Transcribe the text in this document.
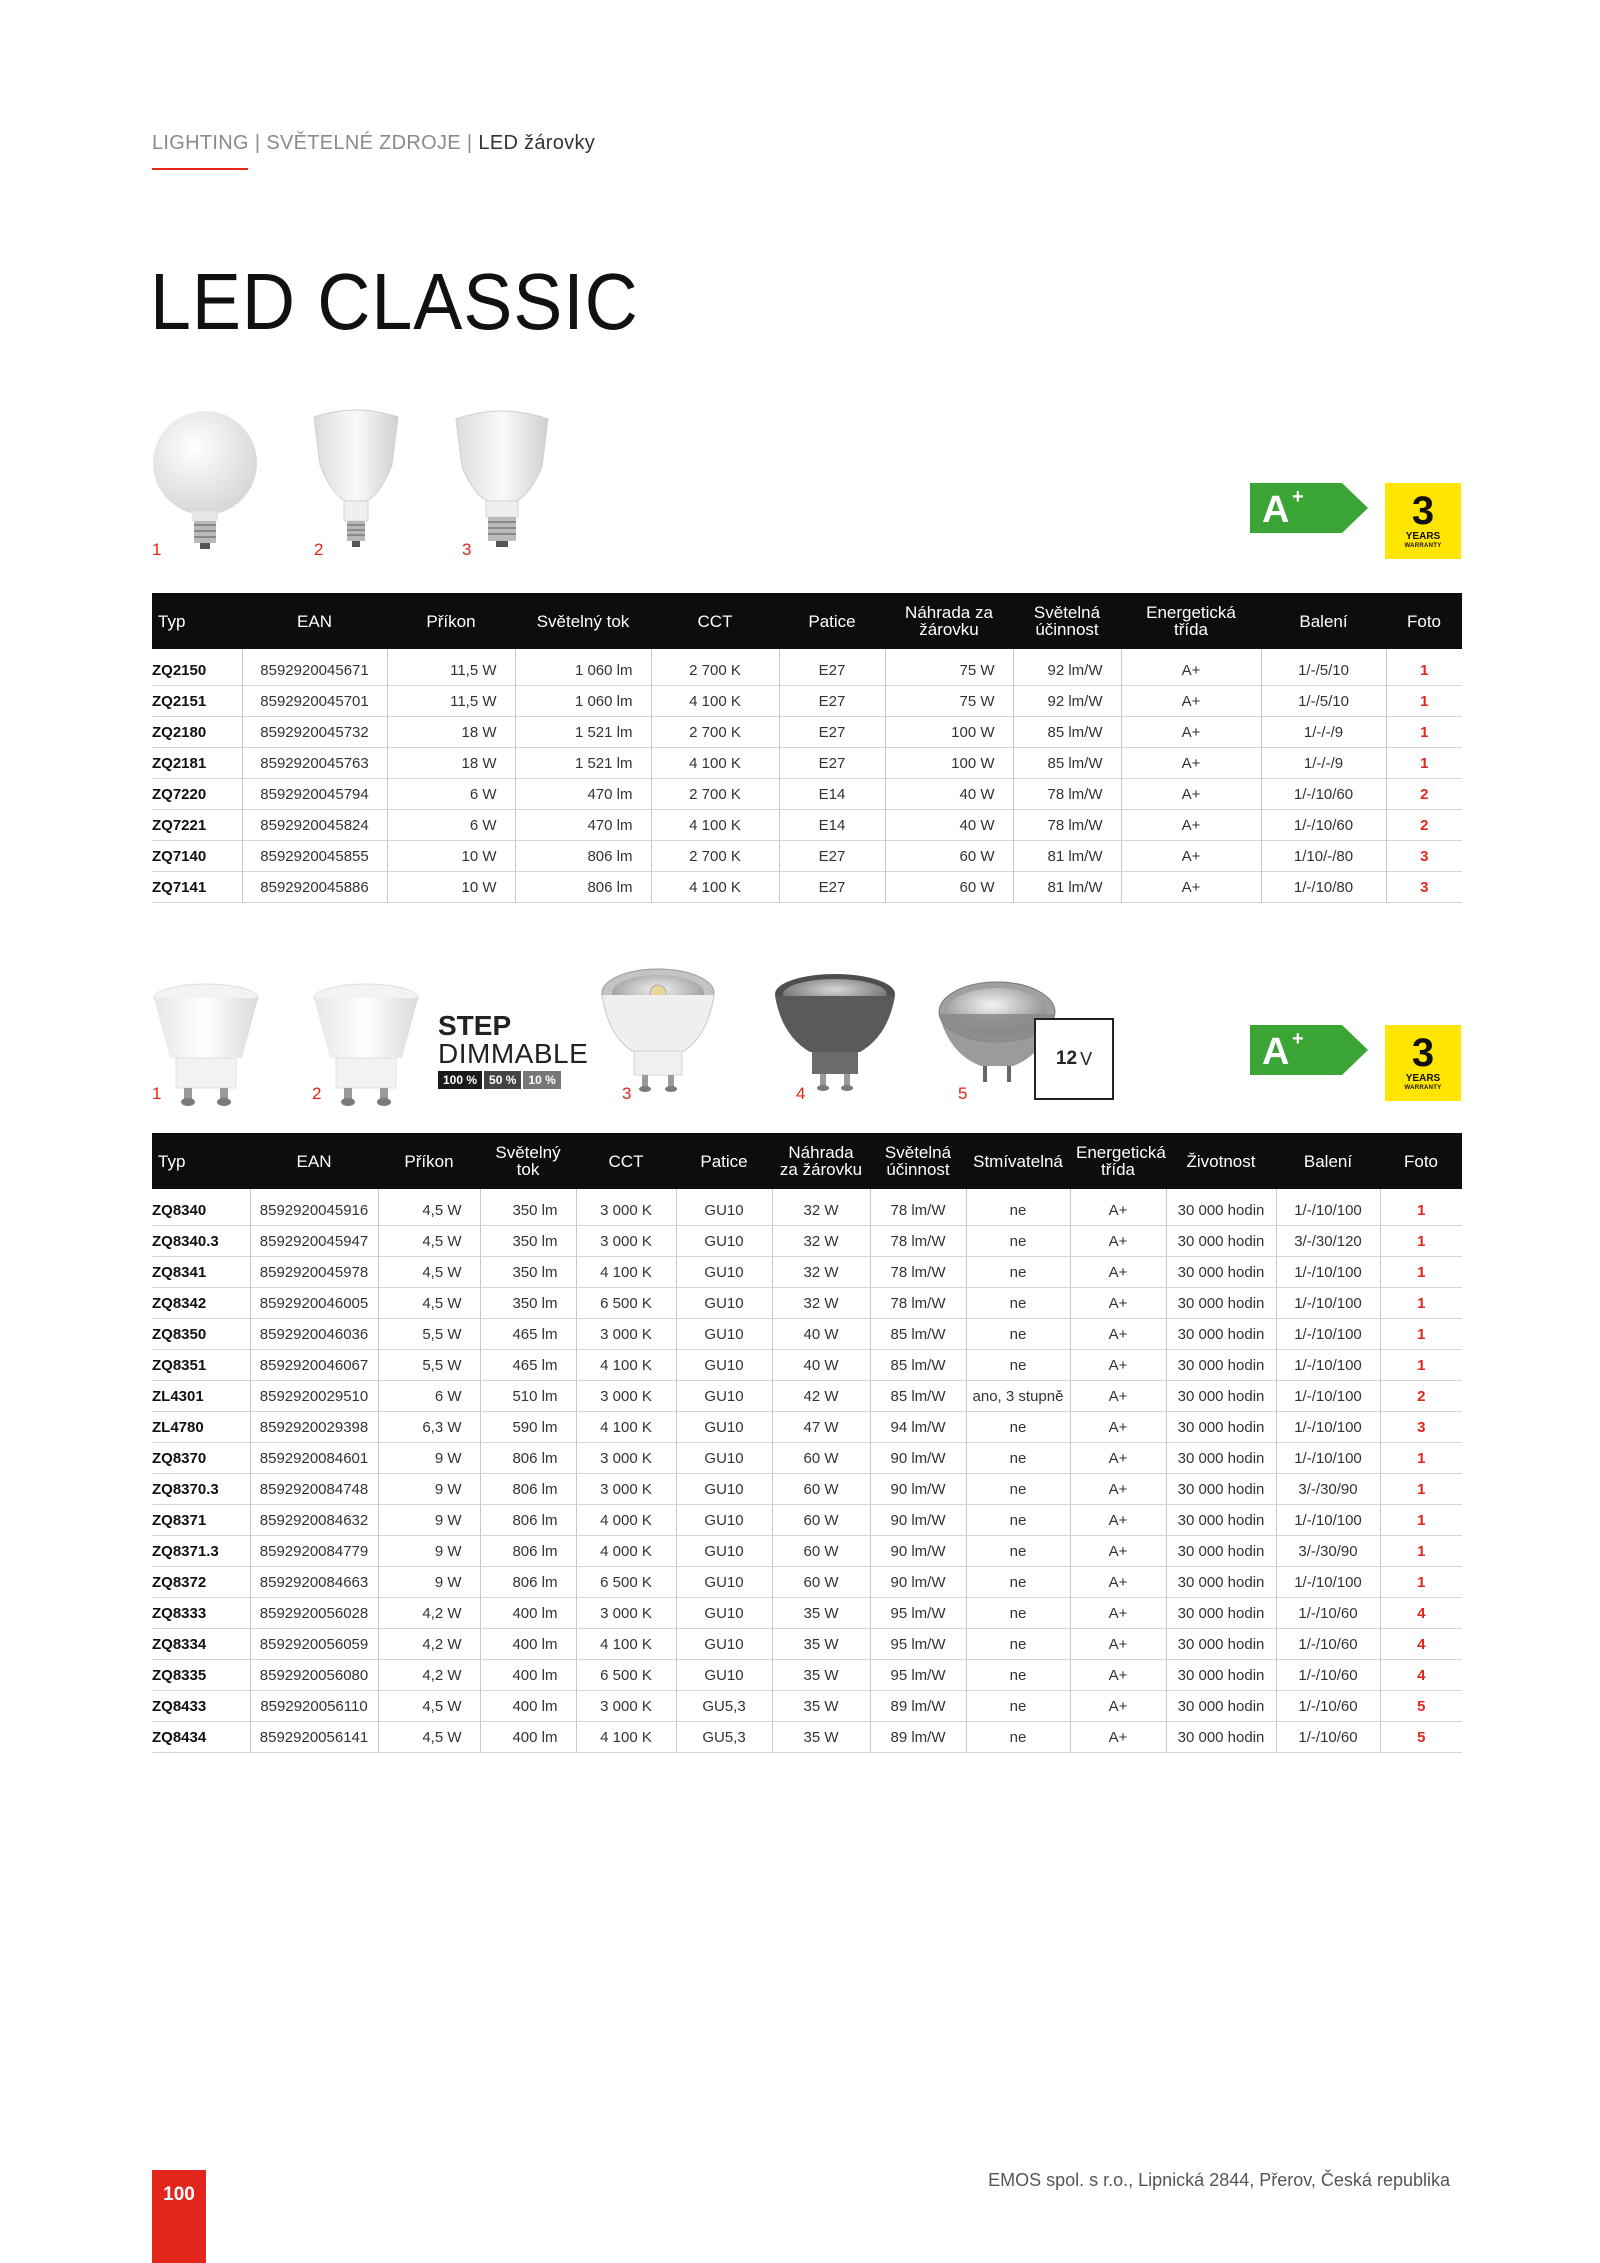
LIGHTING | SVĚTELNÉ ZDROJE | LED žárovky
LED CLASSIC
1	2	3
A +	3
YEARS
WARRANTY
Typ	EAN	Příkon	Světelný tok	CCT	Patice	Náhrada za žárovku	Světelná účinnost	Energetická třída	Balení	Foto
ZQ2150	8592920045671	11,5 W	1 060 lm	2 700 K	E27	75 W	92 lm/W	A+	1/-/5/10	1
ZQ2151	8592920045701	11,5 W	1 060 lm	4 100 K	E27	75 W	92 lm/W	A+	1/-/5/10	1
ZQ2180	8592920045732	18 W	1 521 lm	2 700 K	E27	100 W	85 lm/W	A+	1/-/-/9	1
ZQ2181	8592920045763	18 W	1 521 lm	4 100 K	E27	100 W	85 lm/W	A+	1/-/-/9	1
ZQ7220	8592920045794	6 W	470 lm	2 700 K	E14	40 W	78 lm/W	A+	1/-/10/60	2
ZQ7221	8592920045824	6 W	470 lm	4 100 K	E14	40 W	78 lm/W	A+	1/-/10/60	2
ZQ7140	8592920045855	10 W	806 lm	2 700 K	E27	60 W	81 lm/W	A+	1/10/-/80	3
ZQ7141	8592920045886	10 W	806 lm	4 100 K	E27	60 W	81 lm/W	A+	1/-/10/80	3
STEP
DIMMABLE
100 %	50 %	10 %
12 V
1	2	3	4	5
A +	3
YEARS
WARRANTY
Typ	EAN	Příkon	Světelný tok	CCT	Patice	Náhrada za žárovku	Světelná účinnost	Stmívatelná	Energetická třída	Životnost	Balení	Foto
ZQ8340	8592920045916	4,5 W	350 lm	3 000 K	GU10	32 W	78 lm/W	ne	A+	30 000 hodin	1/-/10/100	1
ZQ8340.3	8592920045947	4,5 W	350 lm	3 000 K	GU10	32 W	78 lm/W	ne	A+	30 000 hodin	3/-/30/120	1
ZQ8341	8592920045978	4,5 W	350 lm	4 100 K	GU10	32 W	78 lm/W	ne	A+	30 000 hodin	1/-/10/100	1
ZQ8342	8592920046005	4,5 W	350 lm	6 500 K	GU10	32 W	78 lm/W	ne	A+	30 000 hodin	1/-/10/100	1
ZQ8350	8592920046036	5,5 W	465 lm	3 000 K	GU10	40 W	85 lm/W	ne	A+	30 000 hodin	1/-/10/100	1
ZQ8351	8592920046067	5,5 W	465 lm	4 100 K	GU10	40 W	85 lm/W	ne	A+	30 000 hodin	1/-/10/100	1
ZL4301	8592920029510	6 W	510 lm	3 000 K	GU10	42 W	85 lm/W	ano, 3 stupně	A+	30 000 hodin	1/-/10/100	2
ZL4780	8592920029398	6,3 W	590 lm	4 100 K	GU10	47 W	94 lm/W	ne	A+	30 000 hodin	1/-/10/100	3
ZQ8370	8592920084601	9 W	806 lm	3 000 K	GU10	60 W	90 lm/W	ne	A+	30 000 hodin	1/-/10/100	1
ZQ8370.3	8592920084748	9 W	806 lm	3 000 K	GU10	60 W	90 lm/W	ne	A+	30 000 hodin	3/-/30/90	1
ZQ8371	8592920084632	9 W	806 lm	4 000 K	GU10	60 W	90 lm/W	ne	A+	30 000 hodin	1/-/10/100	1
ZQ8371.3	8592920084779	9 W	806 lm	4 000 K	GU10	60 W	90 lm/W	ne	A+	30 000 hodin	3/-/30/90	1
ZQ8372	8592920084663	9 W	806 lm	6 500 K	GU10	60 W	90 lm/W	ne	A+	30 000 hodin	1/-/10/100	1
ZQ8333	8592920056028	4,2 W	400 lm	3 000 K	GU10	35 W	95 lm/W	ne	A+	30 000 hodin	1/-/10/60	4
ZQ8334	8592920056059	4,2 W	400 lm	4 100 K	GU10	35 W	95 lm/W	ne	A+	30 000 hodin	1/-/10/60	4
ZQ8335	8592920056080	4,2 W	400 lm	6 500 K	GU10	35 W	95 lm/W	ne	A+	30 000 hodin	1/-/10/60	4
ZQ8433	8592920056110	4,5 W	400 lm	3 000 K	GU5,3	35 W	89 lm/W	ne	A+	30 000 hodin	1/-/10/60	5
ZQ8434	8592920056141	4,5 W	400 lm	4 100 K	GU5,3	35 W	89 lm/W	ne	A+	30 000 hodin	1/-/10/60	5
100
EMOS spol. s r.o., Lipnická 2844, Přerov, Česká republika
